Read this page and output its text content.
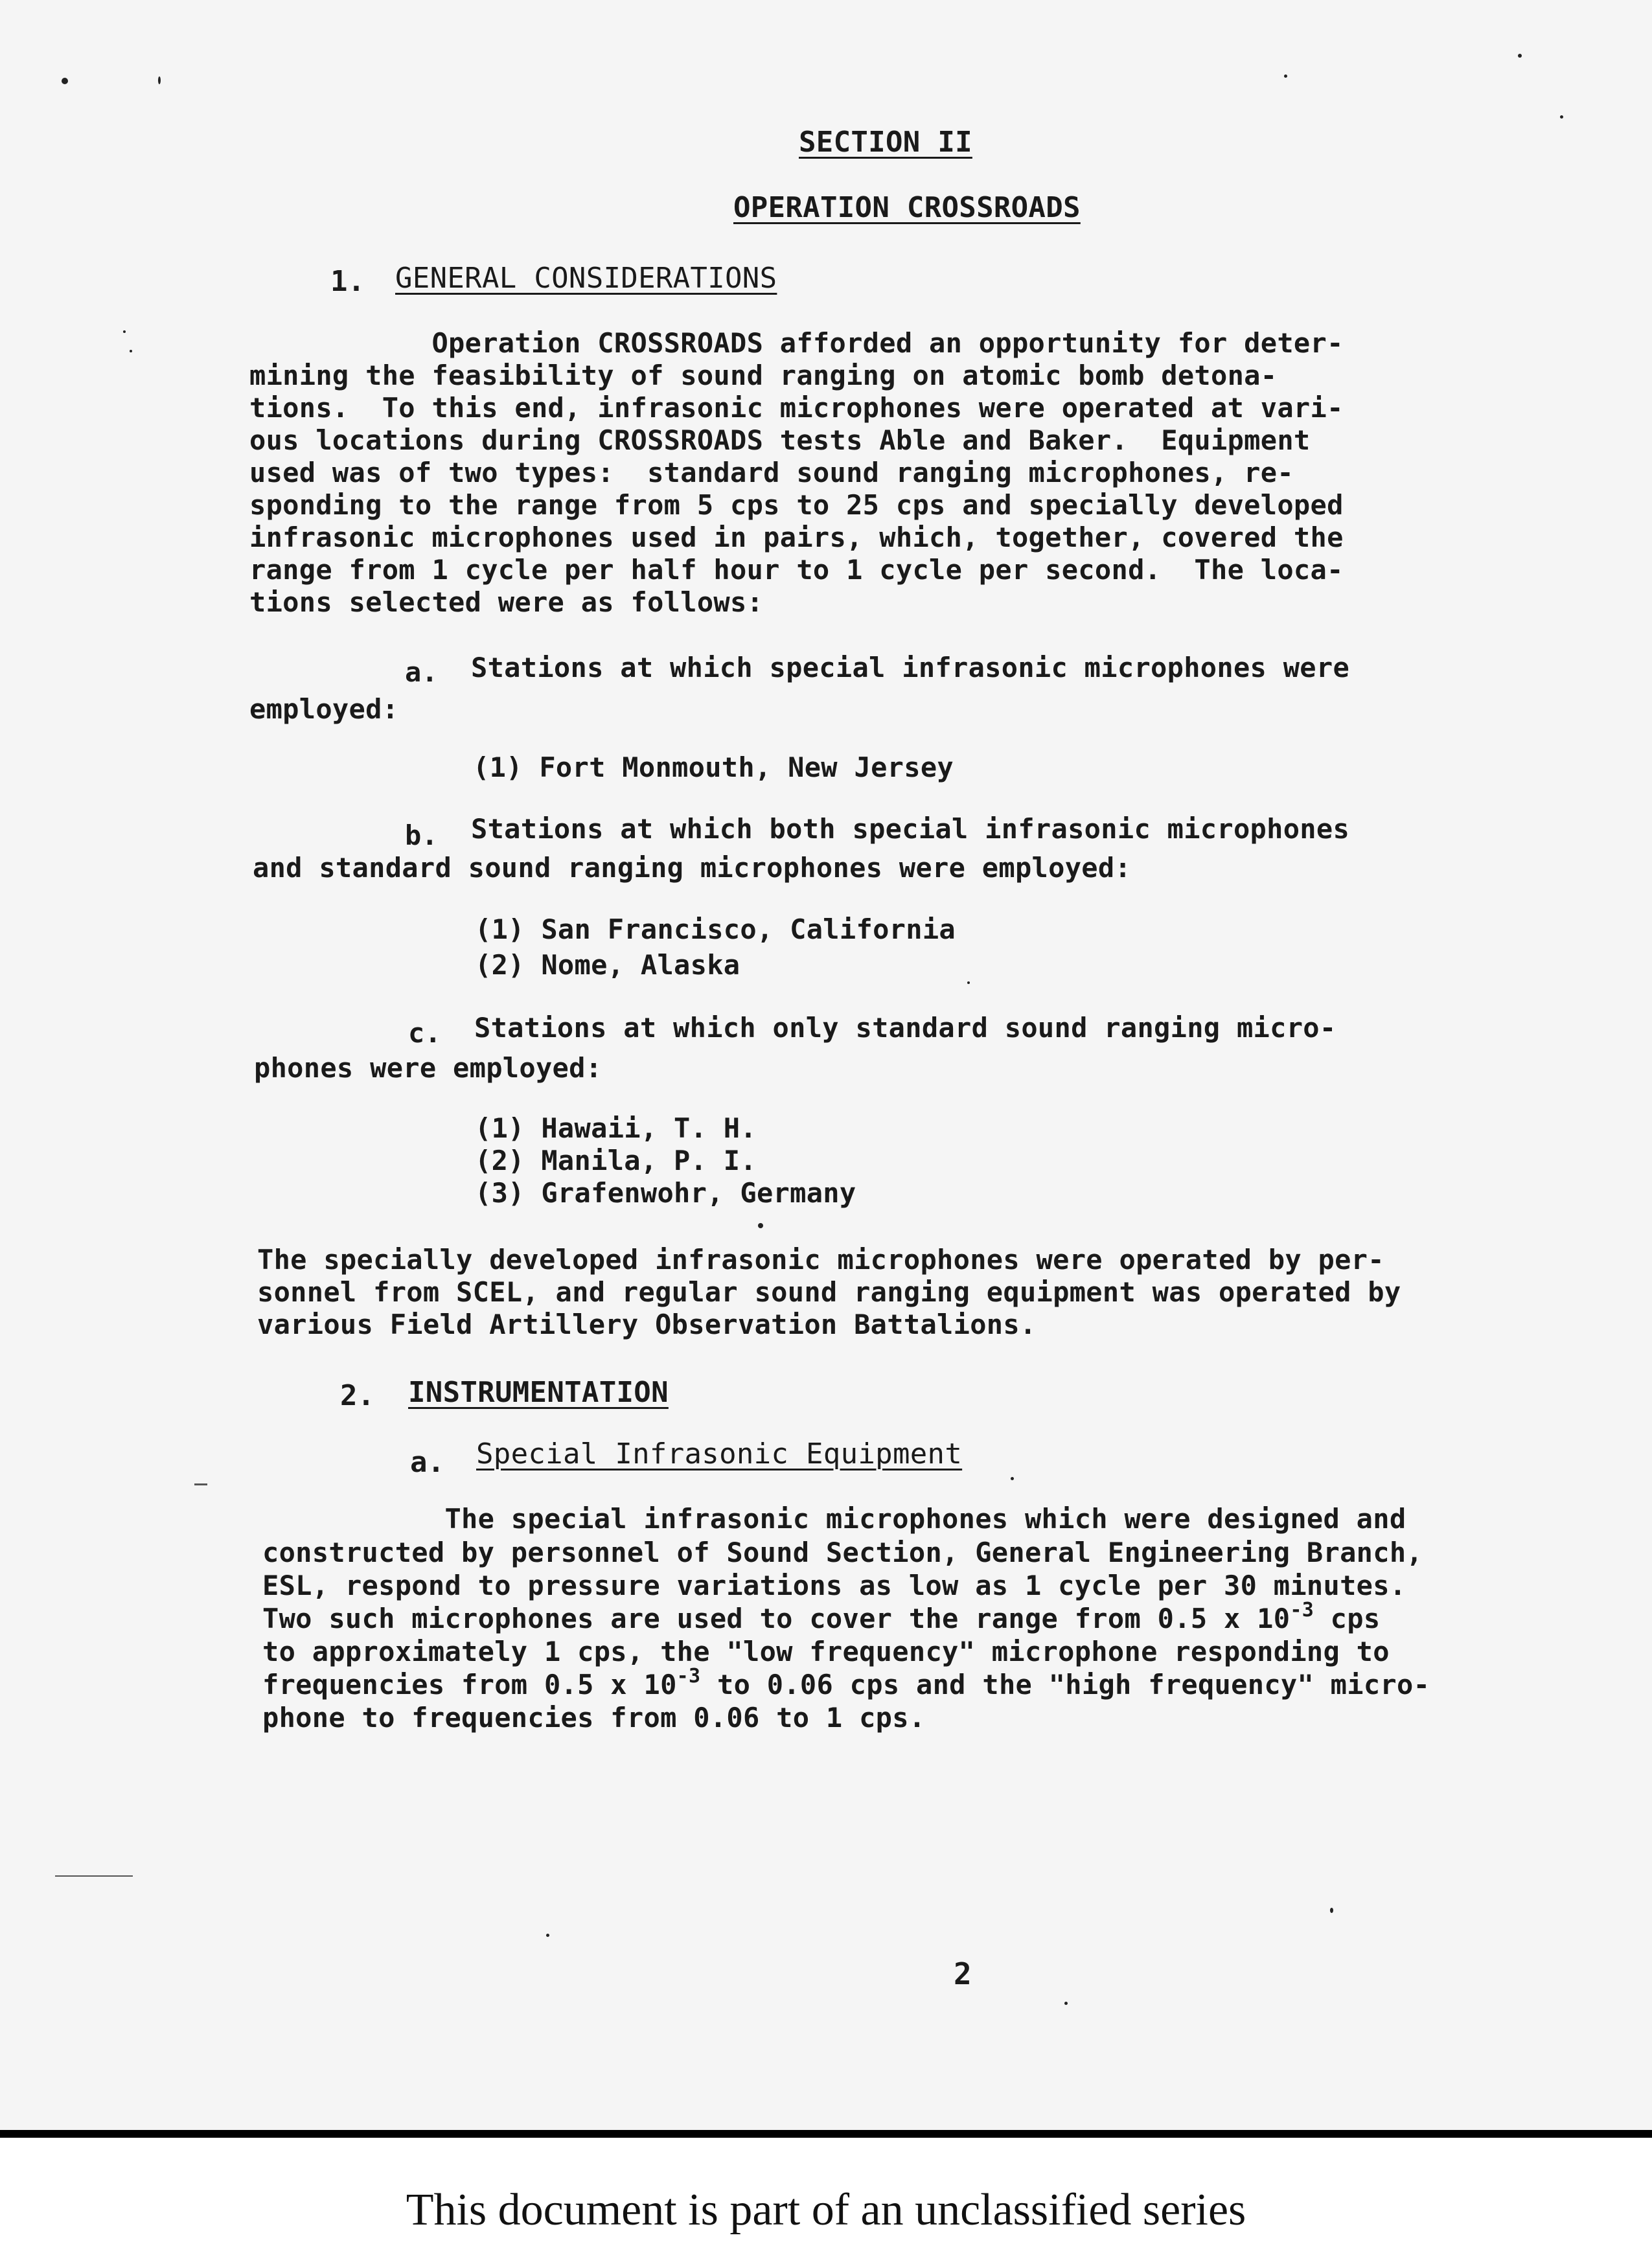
SECTION II
OPERATION CROSSROADS
1. GENERAL CONSIDERATIONS
Operation CROSSROADS afforded an opportunity for deter-
mining the feasibility of sound ranging on atomic bomb detona-
tions.  To this end, infrasonic microphones were operated at vari-
ous locations during CROSSROADS tests Able and Baker.  Equipment
used was of two types:  standard sound ranging microphones, re-
sponding to the range from 5 cps to 25 cps and specially developed
infrasonic microphones used in pairs, which, together, covered the
range from 1 cycle per half hour to 1 cycle per second.  The loca-
tions selected were as follows:
a. Stations at which special infrasonic microphones were
employed:
(1) Fort Monmouth, New Jersey
b. Stations at which both special infrasonic microphones
and standard sound ranging microphones were employed:
(1) San Francisco, California
(2) Nome, Alaska
c. Stations at which only standard sound ranging micro-
phones were employed:
(1) Hawaii, T. H.
(2) Manila, P. I.
(3) Grafenwohr, Germany
The specially developed infrasonic microphones were operated by per-
sonnel from SCEL, and regular sound ranging equipment was operated by
various Field Artillery Observation Battalions.
2. INSTRUMENTATION
a. Special Infrasonic Equipment
The special infrasonic microphones which were designed and
constructed by personnel of Sound Section, General Engineering Branch,
ESL, respond to pressure variations as low as 1 cycle per 30 minutes.
Two such microphones are used to cover the range from 0.5 x $10^{-3}$ cps
to approximately 1 cps, the "low frequency" microphone responding to
frequencies from 0.5 x $10^{-3}$ to 0.06 cps and the "high frequency" micro-
phone to frequencies from 0.06 to 1 cps.
2
This document is part of an unclassified series
